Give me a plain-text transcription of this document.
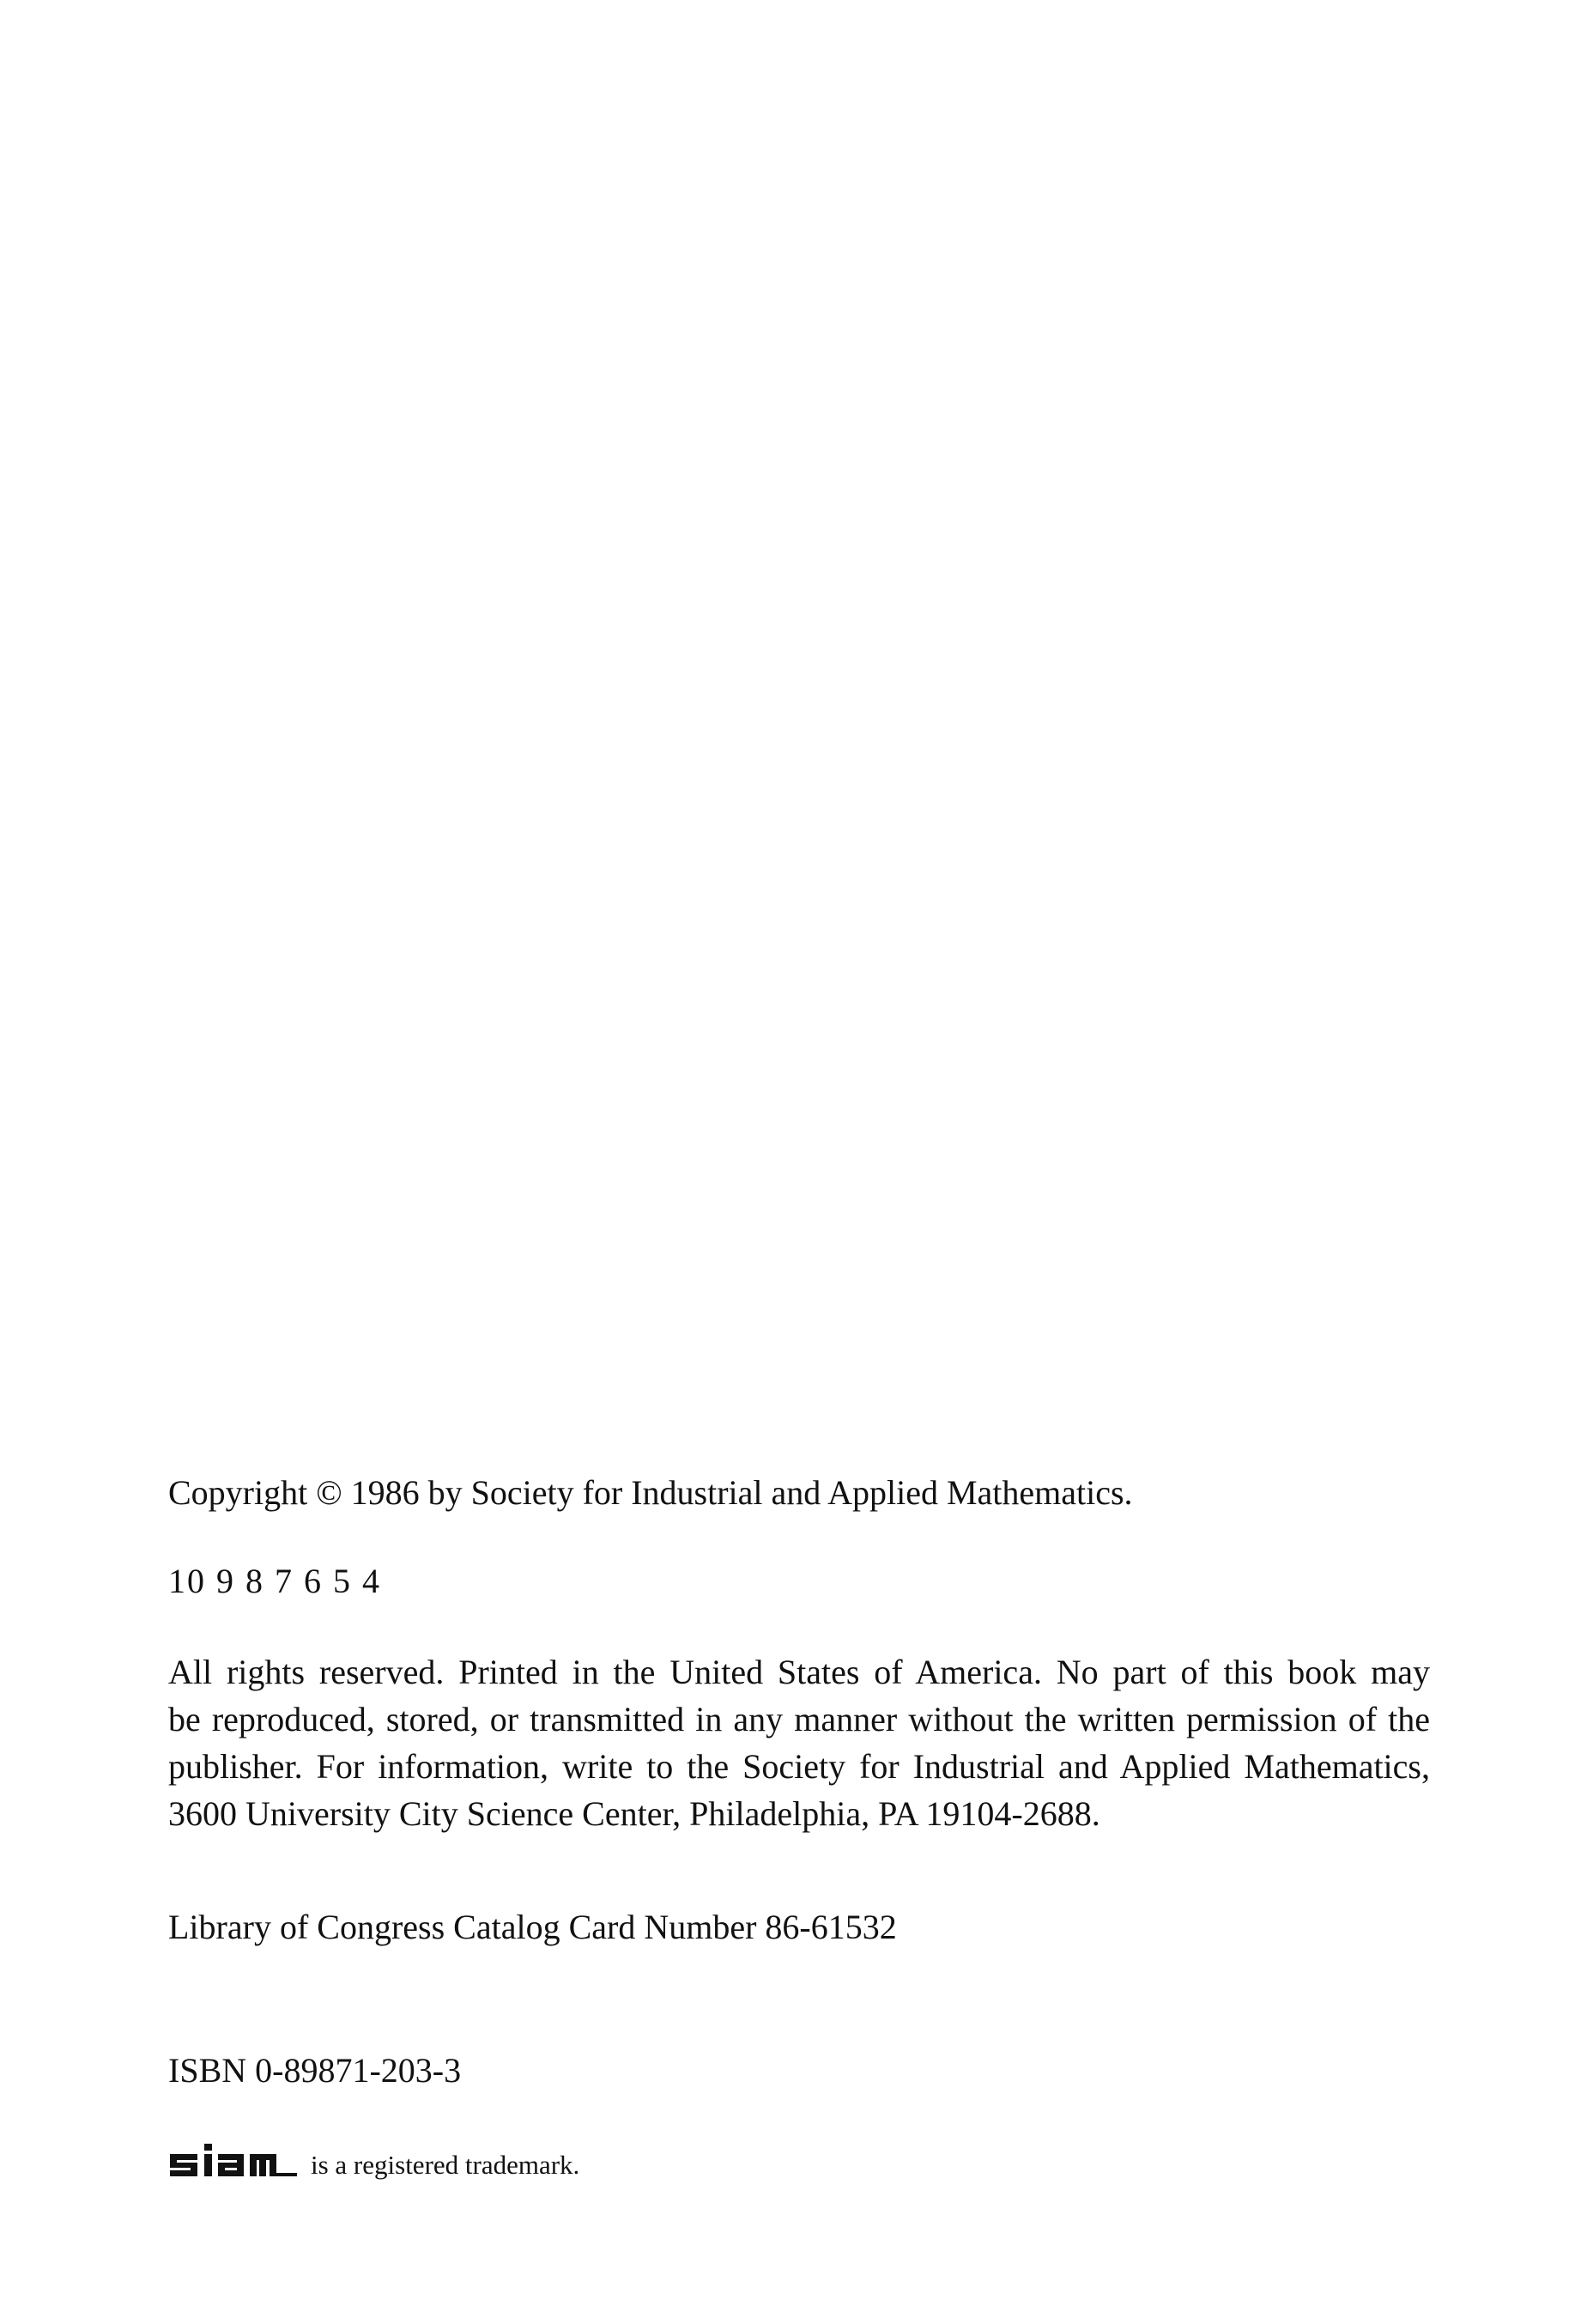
Copyright © 1986 by Society for Industrial and Applied Mathematics.

10 9 8 7 6 5 4

All rights reserved. Printed in the United States of America. No part of this book may
be reproduced, stored, or transmitted in any manner without the written permission of the
publisher. For information, write to the Society for Industrial and Applied Mathematics,
3600 University City Science Center, Philadelphia, PA 19104-2688.

Library of Congress Catalog Card Number 86-61532

ISBN 0-89871-203-3

is a registered trademark.
